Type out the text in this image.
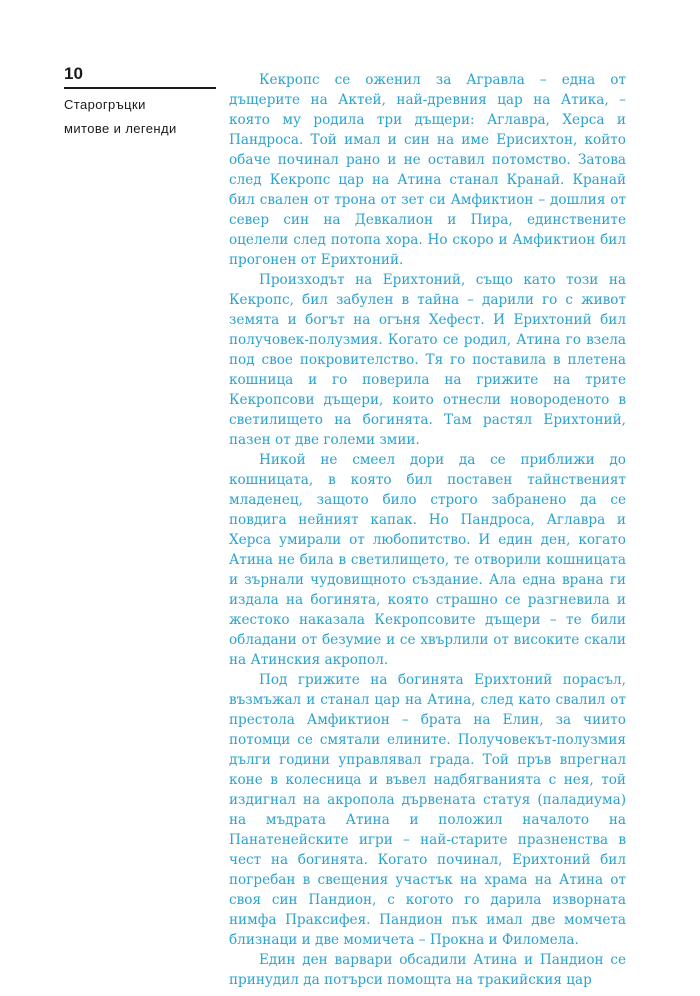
10
Старогръцки
митове и легенди

Кекропс се оженил за Агравла – една от дъщерите на Актей, най-древния цар на Атика, – която му родила три дъщери: Аглавра, Херса и Пандроса. Той имал и син на име Ерисихтон, който обаче починал рано и не оставил потомство. Затова след Кекропс цар на Атина станал Кранай. Кранай бил свален от трона от зет си Амфиктион – дошлия от север син на Девкалион и Пира, единствените оцелели след потопа хора. Но скоро и Амфиктион бил прогонен от Ерихтоний.

Произходът на Ерихтоний, също като този на Кекропс, бил забулен в тайна – дарили го с живот земята и богът на огъня Хефест. И Ерихтоний бил получовек-полузмия. Когато се родил, Атина го взела под свое покровителство. Тя го поставила в плетена кошница и го поверила на грижите на трите Кекропсови дъщери, които отнесли новороденото в светилището на богинята. Там растял Ерихтоний, пазен от две големи змии.

Никой не смеел дори да се приближи до кошницата, в която бил поставен тайнственият младенец, защото било строго забранено да се повдига нейният капак. Но Пандроса, Аглавра и Херса умирали от любопитство. И един ден, когато Атина не била в светилището, те отворили кошницата и зърнали чудовищното създание. Ала една врана ги издала на богинята, която страшно се разгневила и жестоко наказала Кекропсовите дъщери – те били обладани от безумие и се хвърлили от високите скали на Атинския акропол.

Под грижите на богинята Ерихтоний порасъл, възмъжал и станал цар на Атина, след като свалил от престола Амфиктион – брата на Елин, за чиито потомци се смятали елините. Получовекът-полузмия дълги години управлявал града. Той пръв впрегнал коне в колесница и въвел надбягванията с нея, той издигнал на акропола дървената статуя (паладиума) на мъдрата Атина и положил началото на Панатенейските игри – най-старите празненства в чест на богинята. Когато починал, Ерихтоний бил погребан в свещения участък на храма на Атина от своя син Пандион, с когото го дарила изворната нимфа Праксифея. Пандион пък имал две момчета близнаци и две момичета – Прокна и Филомела.

Един ден варвари обсадили Атина и Пандион се принудил да потърси помощта на тракийския цар
